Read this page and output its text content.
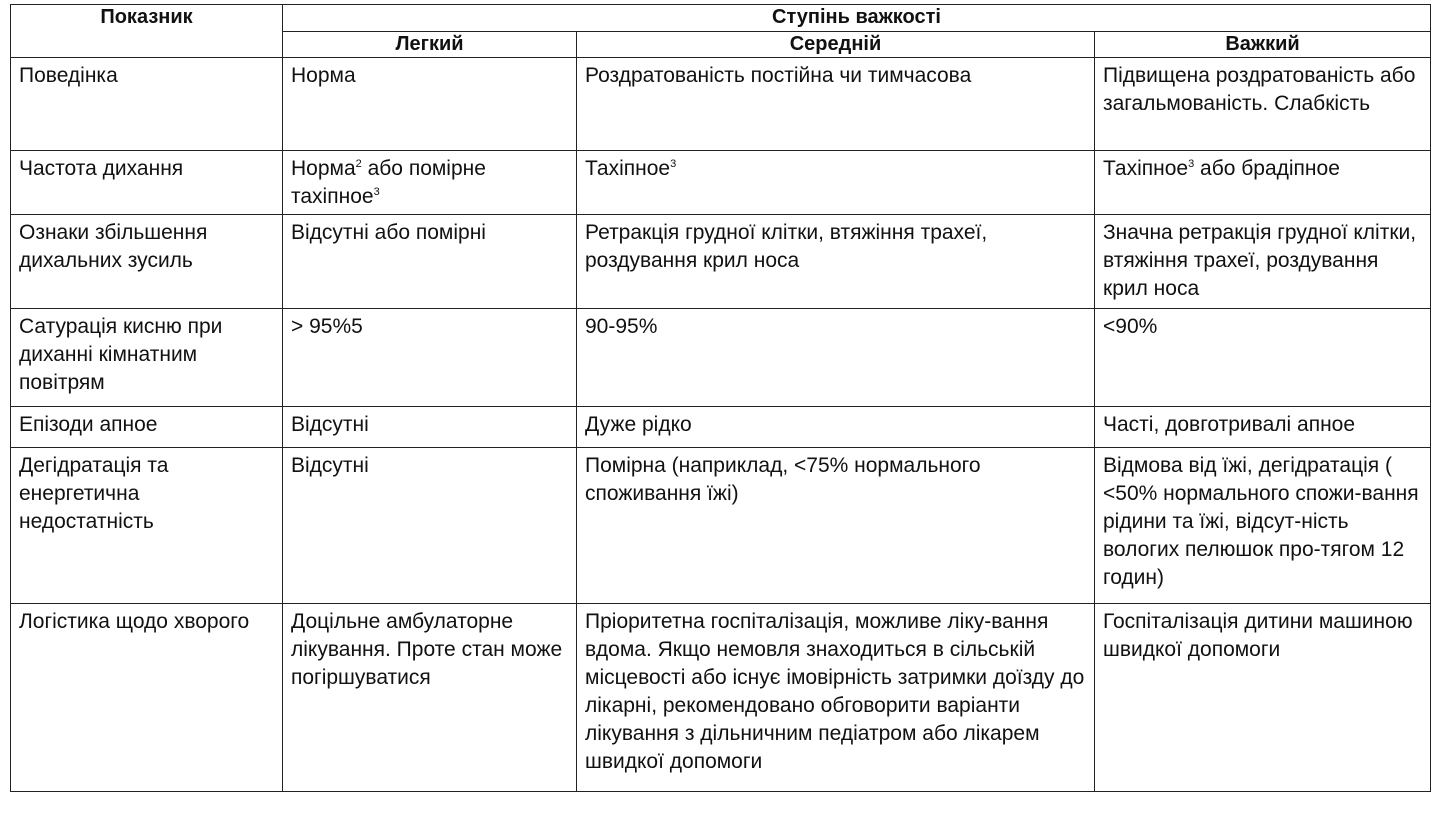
Показник	Ступінь важкості		
	Легкий	Середній	Важкий
Поведінка	Норма	Роздратованість постійна чи тимчасова	Підвищена роздратованість або загальмованість. Слабкість
Частота дихання	Норма$^2$ або помірне тахіпное$^3$	Тахіпное$^3$	Тахіпное$^3$ або брадіпное
Ознаки збільшення дихальних зусиль	Відсутні або помірні	Ретракція грудної клітки, втяжіння трахеї, роздування крил носа	Значна ретракція грудної клітки, втяжіння трахеї, роздування крил носа
Сатурація кисню при диханні кімнатним повітрям	> 95%5	90-95%	<90%
Епізоди апное	Відсутні	Дуже рідко	Часті, довготривалі апное
Дегідратація та енергетична недостатність	Відсутні	Помірна (наприклад, <75% нормального споживання їжі)	Відмова від їжі, дегідратація ( <50% нормального спожи-вання рідини та їжі, відсут-ність вологих пелюшок про-тягом 12 годин)
Логістика щодо хворого	Доцільне амбулаторне лікування. Проте стан може погіршуватися	Пріоритетна госпіталізація, можливе ліку-вання вдома. Якщо немовля знаходиться в сільській місцевості або існує імовірність затримки доїзду до лікарні, рекомендовано обговорити варіанти лікування з дільничним педіатром або лікарем швидкої допомоги	Госпіталізація дитини машиною швидкої допомоги
